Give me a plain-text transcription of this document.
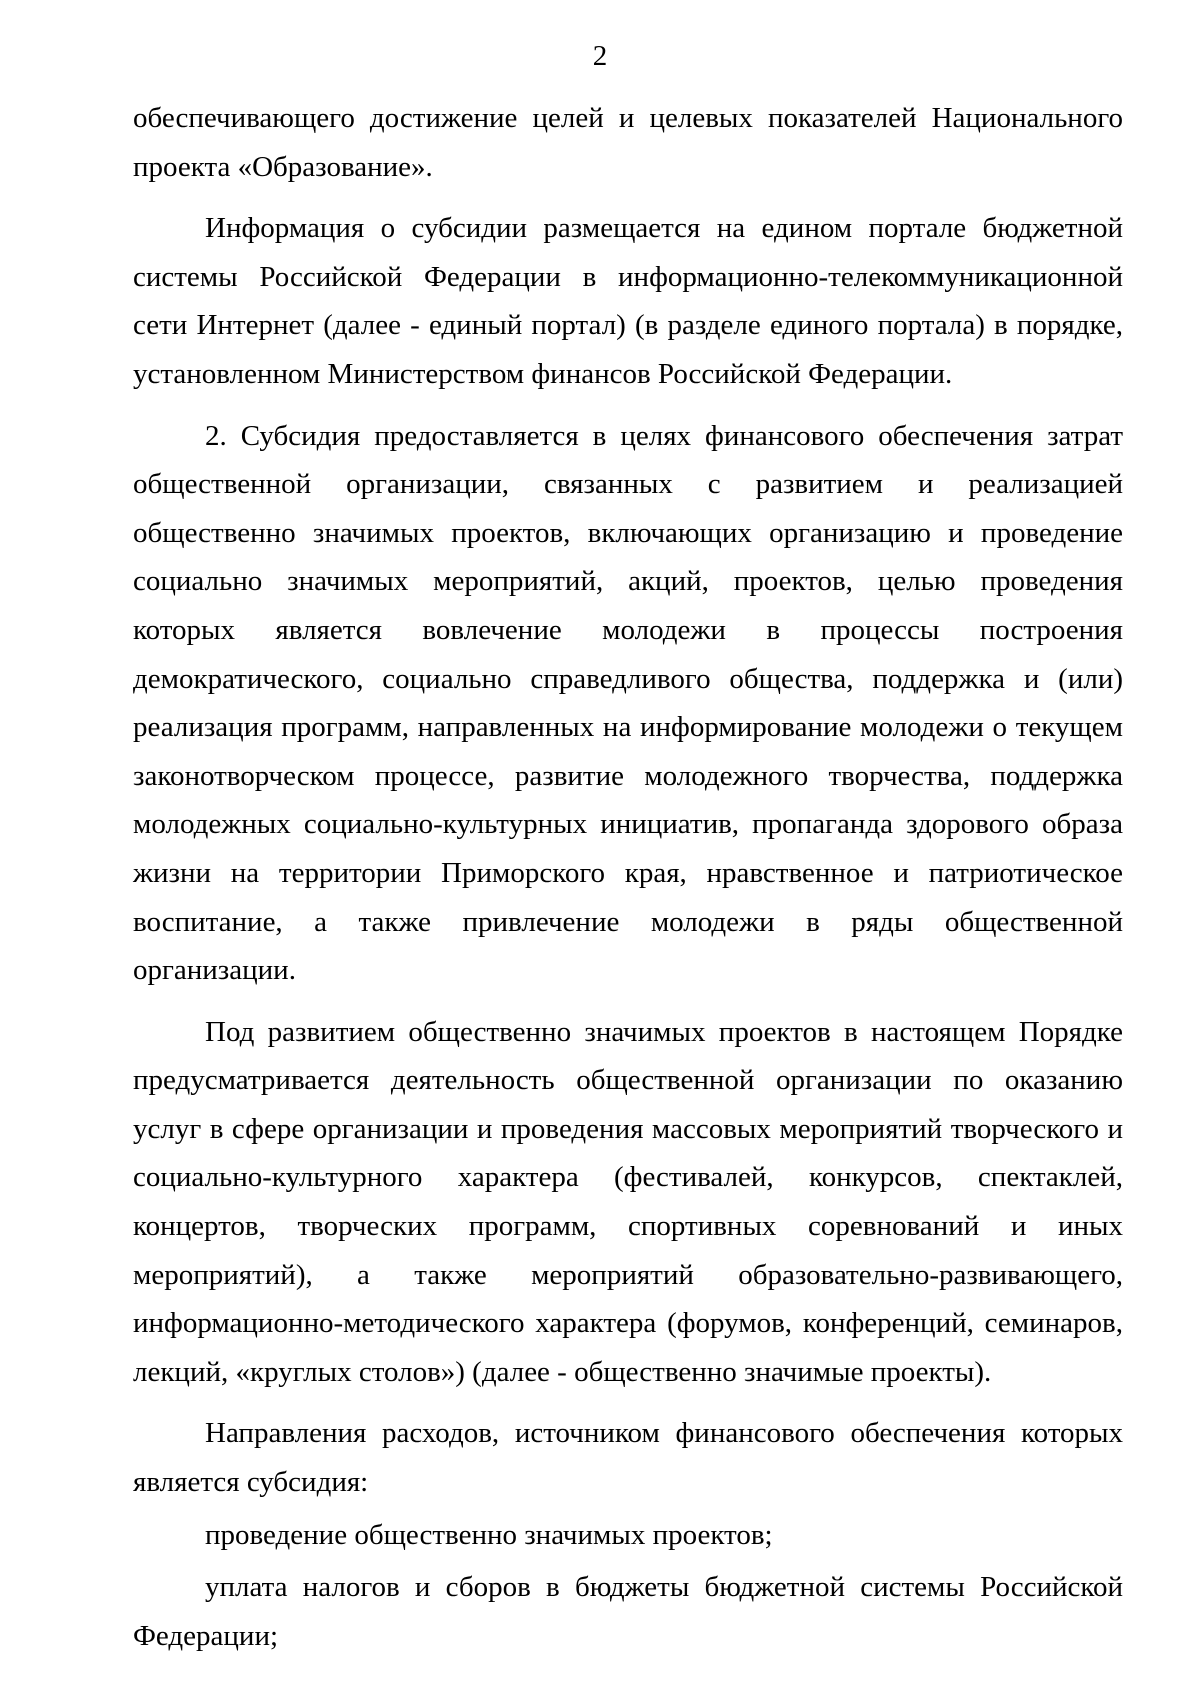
2

обеспечивающего достижение целей и целевых показателей Национального проекта «Образование».

Информация о субсидии размещается на едином портале бюджетной системы Российской Федерации в информационно-телекоммуникационной сети Интернет (далее - единый портал) (в разделе единого портала) в порядке, установленном Министерством финансов Российской Федерации.

2. Субсидия предоставляется в целях финансового обеспечения затрат общественной организации, связанных с развитием и реализацией общественно значимых проектов, включающих организацию и проведение социально значимых мероприятий, акций, проектов, целью проведения которых является вовлечение молодежи в процессы построения демократического, социально справедливого общества, поддержка и (или) реализация программ, направленных на информирование молодежи о текущем законотворческом процессе, развитие молодежного творчества, поддержка молодежных социально-культурных инициатив, пропаганда здорового образа жизни на территории Приморского края, нравственное и патриотическое воспитание, а также привлечение молодежи в ряды общественной организации.

Под развитием общественно значимых проектов в настоящем Порядке предусматривается деятельность общественной организации по оказанию услуг в сфере организации и проведения массовых мероприятий творческого и социально-культурного характера (фестивалей, конкурсов, спектаклей, концертов, творческих программ, спортивных соревнований и иных мероприятий), а также мероприятий образовательно-развивающего, информационно-методического характера (форумов, конференций, семинаров, лекций, «круглых столов») (далее - общественно значимые проекты).

Направления расходов, источником финансового обеспечения которых является субсидия:

проведение общественно значимых проектов;

уплата налогов и сборов в бюджеты бюджетной системы Российской Федерации;
